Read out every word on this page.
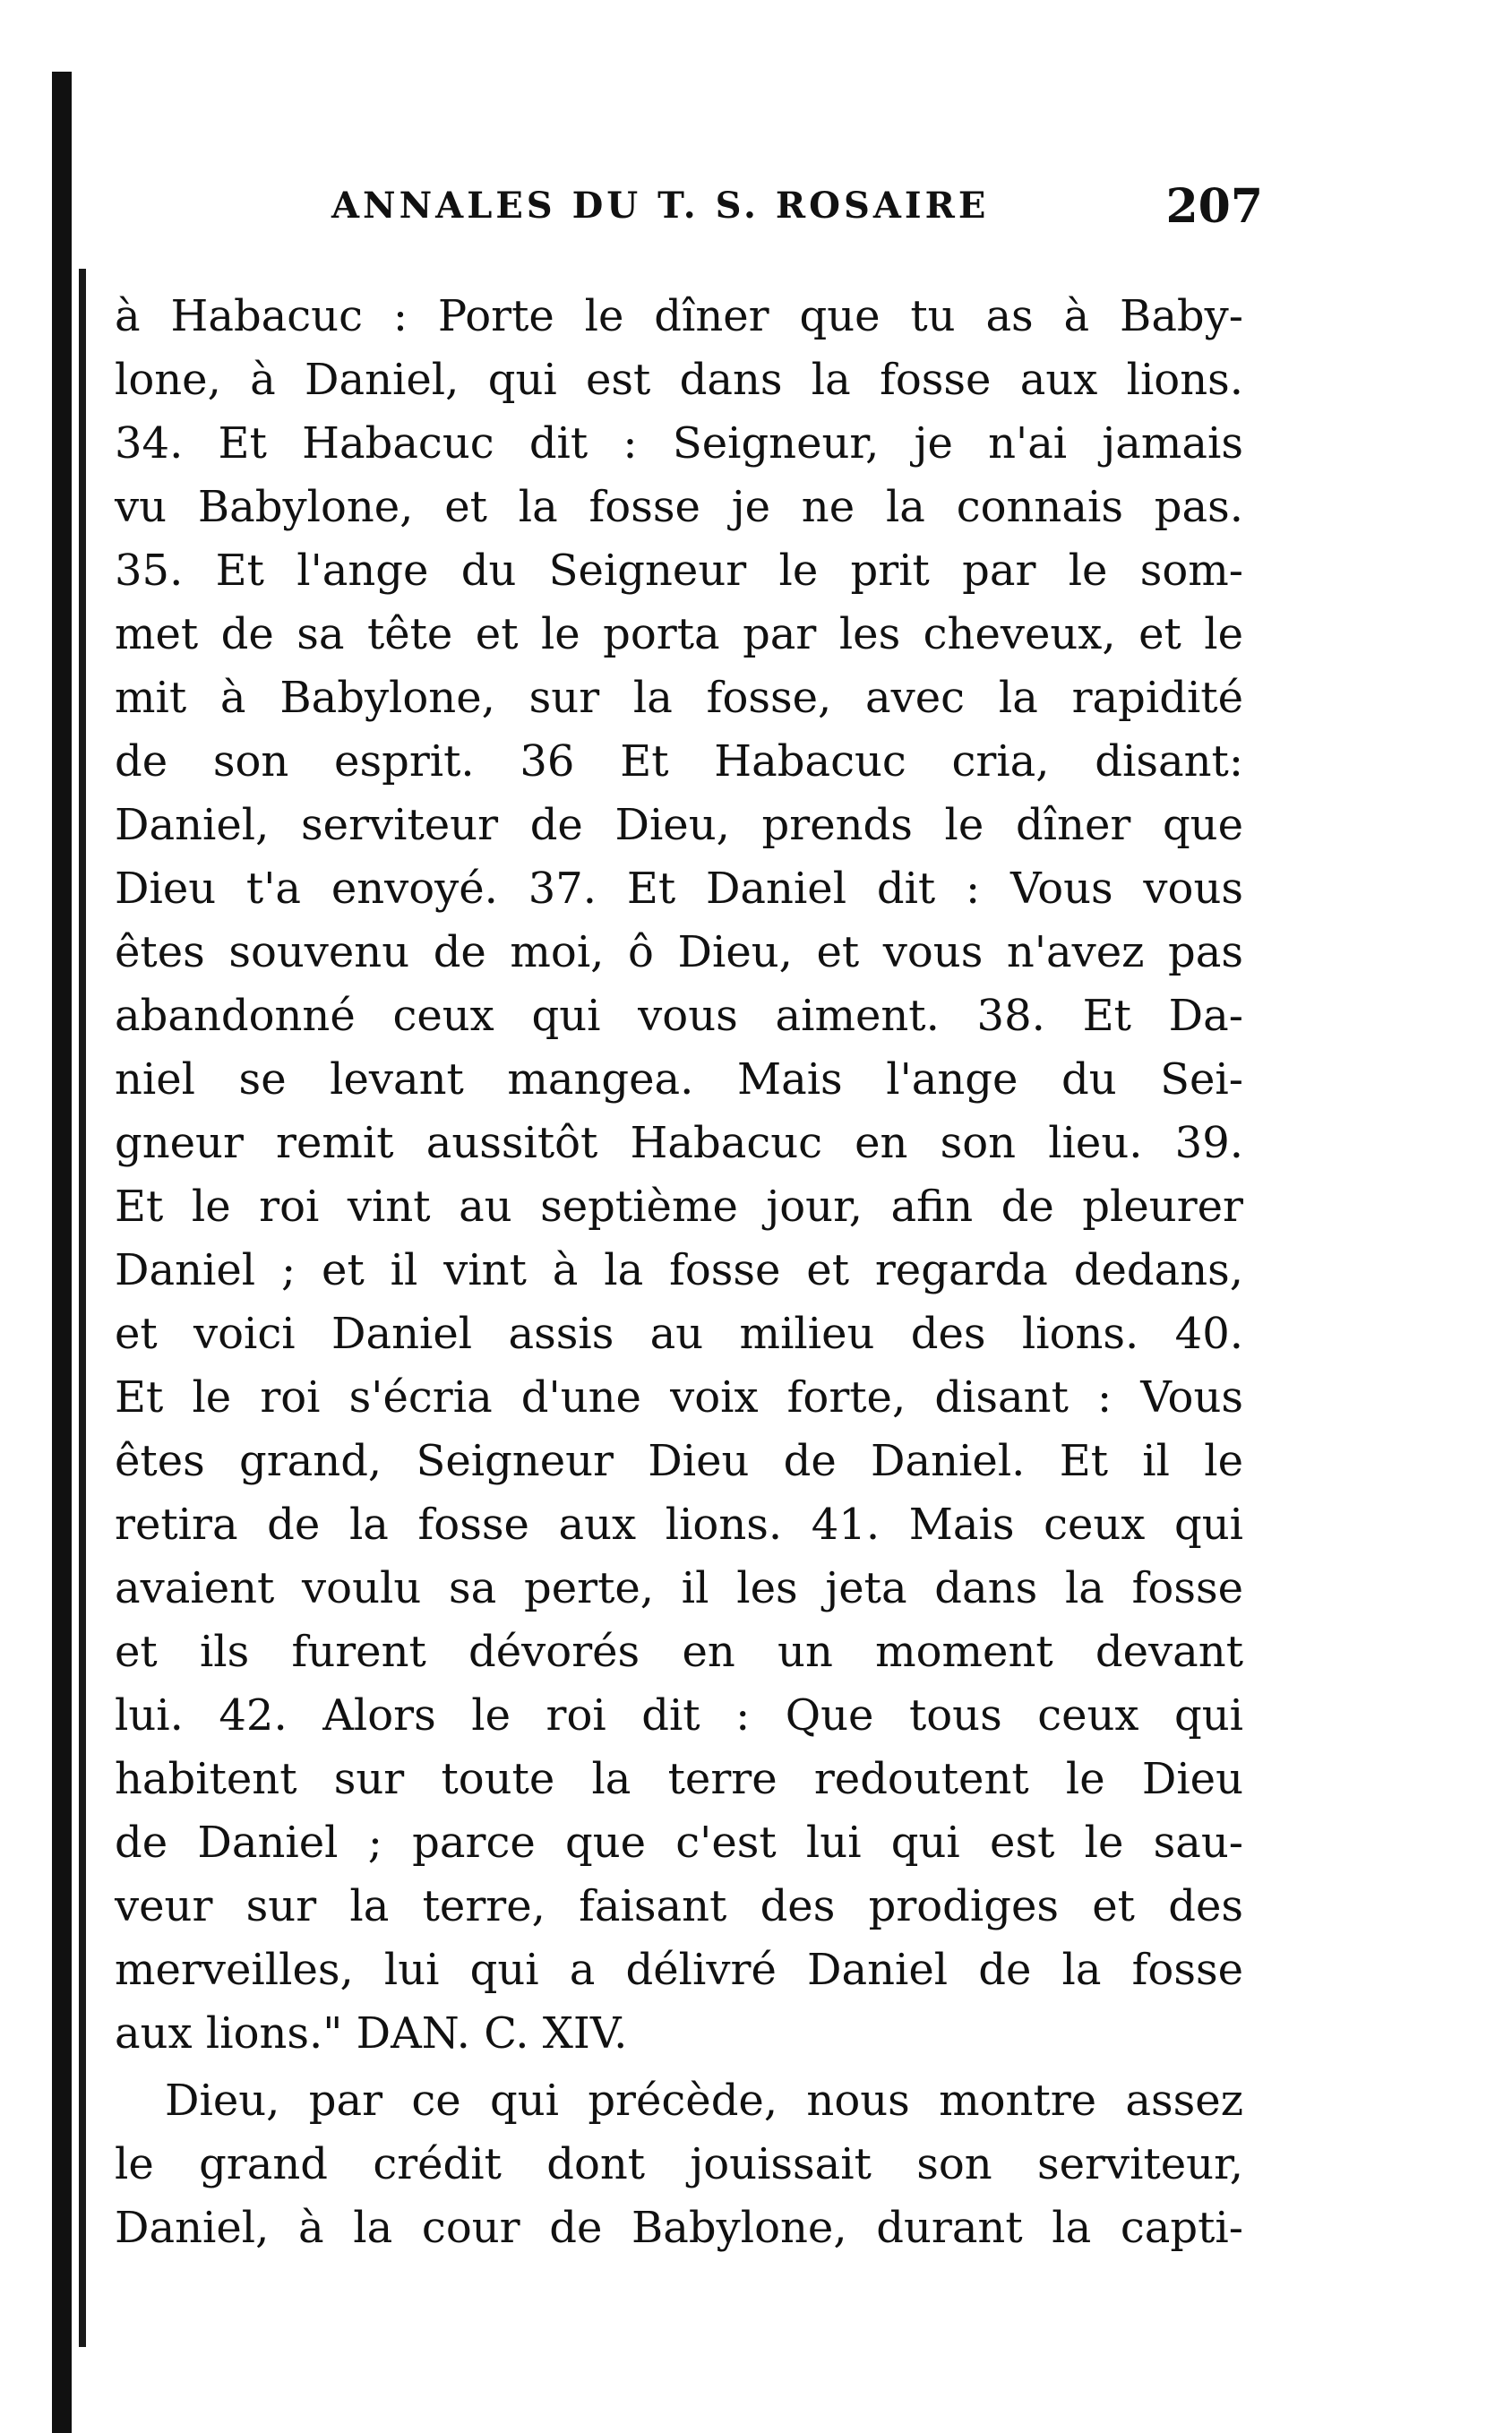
ANNALES DU T. S. ROSAIRE	207
à Habacuc : Porte le dîner que tu as à Baby-
lone, à Daniel, qui est dans la fosse aux lions.
34. Et Habacuc dit : Seigneur, je n'ai jamais
vu Babylone, et la fosse je ne la connais pas.
35. Et l'ange du Seigneur le prit par le som-
met de sa tête et le porta par les cheveux, et le
mit à Babylone, sur la fosse, avec la rapidité
de son esprit. 36 Et Habacuc cria, disant:
Daniel, serviteur de Dieu, prends le dîner que
Dieu t'a envoyé. 37. Et Daniel dit : Vous vous
êtes souvenu de moi, ô Dieu, et vous n'avez pas
abandonné ceux qui vous aiment. 38. Et Da-
niel se levant mangea. Mais l'ange du Sei-
gneur remit aussitôt Habacuc en son lieu. 39.
Et le roi vint au septième jour, afin de pleurer
Daniel ; et il vint à la fosse et regarda dedans,
et voici Daniel assis au milieu des lions. 40.
Et le roi s'écria d'une voix forte, disant : Vous
êtes grand, Seigneur Dieu de Daniel. Et il le
retira de la fosse aux lions. 41. Mais ceux qui
avaient voulu sa perte, il les jeta dans la fosse
et ils furent dévorés en un moment devant
lui. 42. Alors le roi dit : Que tous ceux qui
habitent sur toute la terre redoutent le Dieu
de Daniel ; parce que c'est lui qui est le sau-
veur sur la terre, faisant des prodiges et des
merveilles, lui qui a délivré Daniel de la fosse
aux lions." DAN. C. XIV.
Dieu, par ce qui précède, nous montre assez
le grand crédit dont jouissait son serviteur,
Daniel, à la cour de Babylone, durant la capti-
